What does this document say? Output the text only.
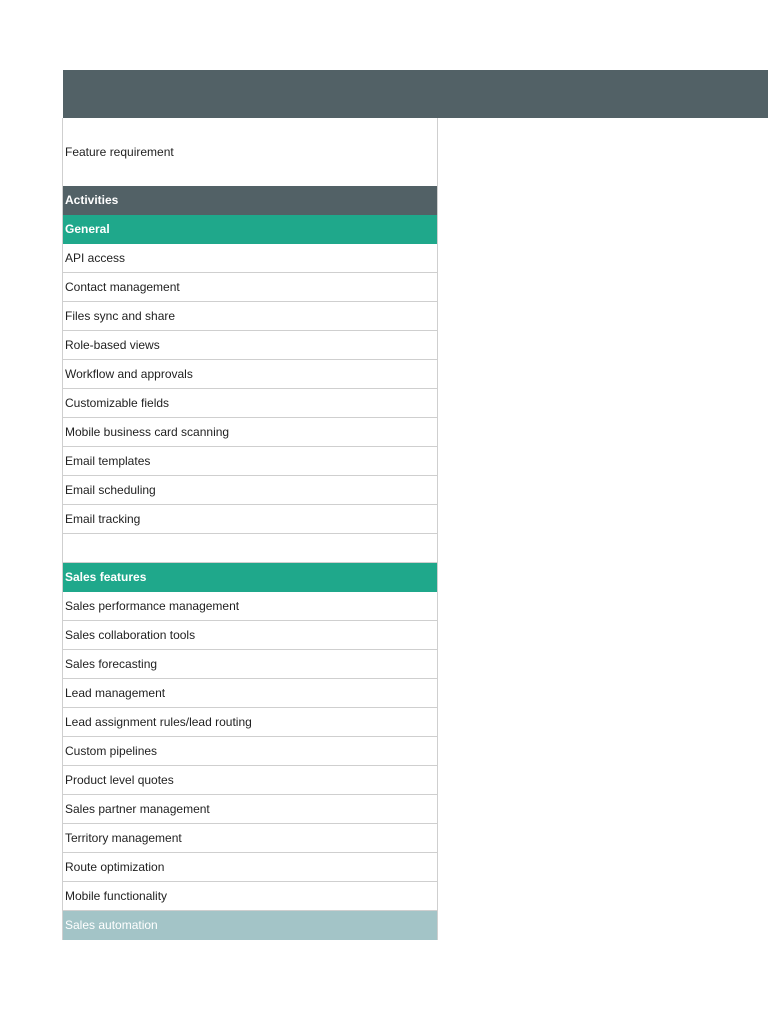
Feature requirement
Activities
General
API access
Contact management
Files sync and share
Role-based views
Workflow and approvals
Customizable fields
Mobile business card scanning
Email templates
Email scheduling
Email tracking
Sales features
Sales performance management
Sales collaboration tools
Sales forecasting
Lead management
Lead assignment rules/lead routing
Custom pipelines
Product level quotes
Sales partner management
Territory management
Route optimization
Mobile functionality
Sales automation
